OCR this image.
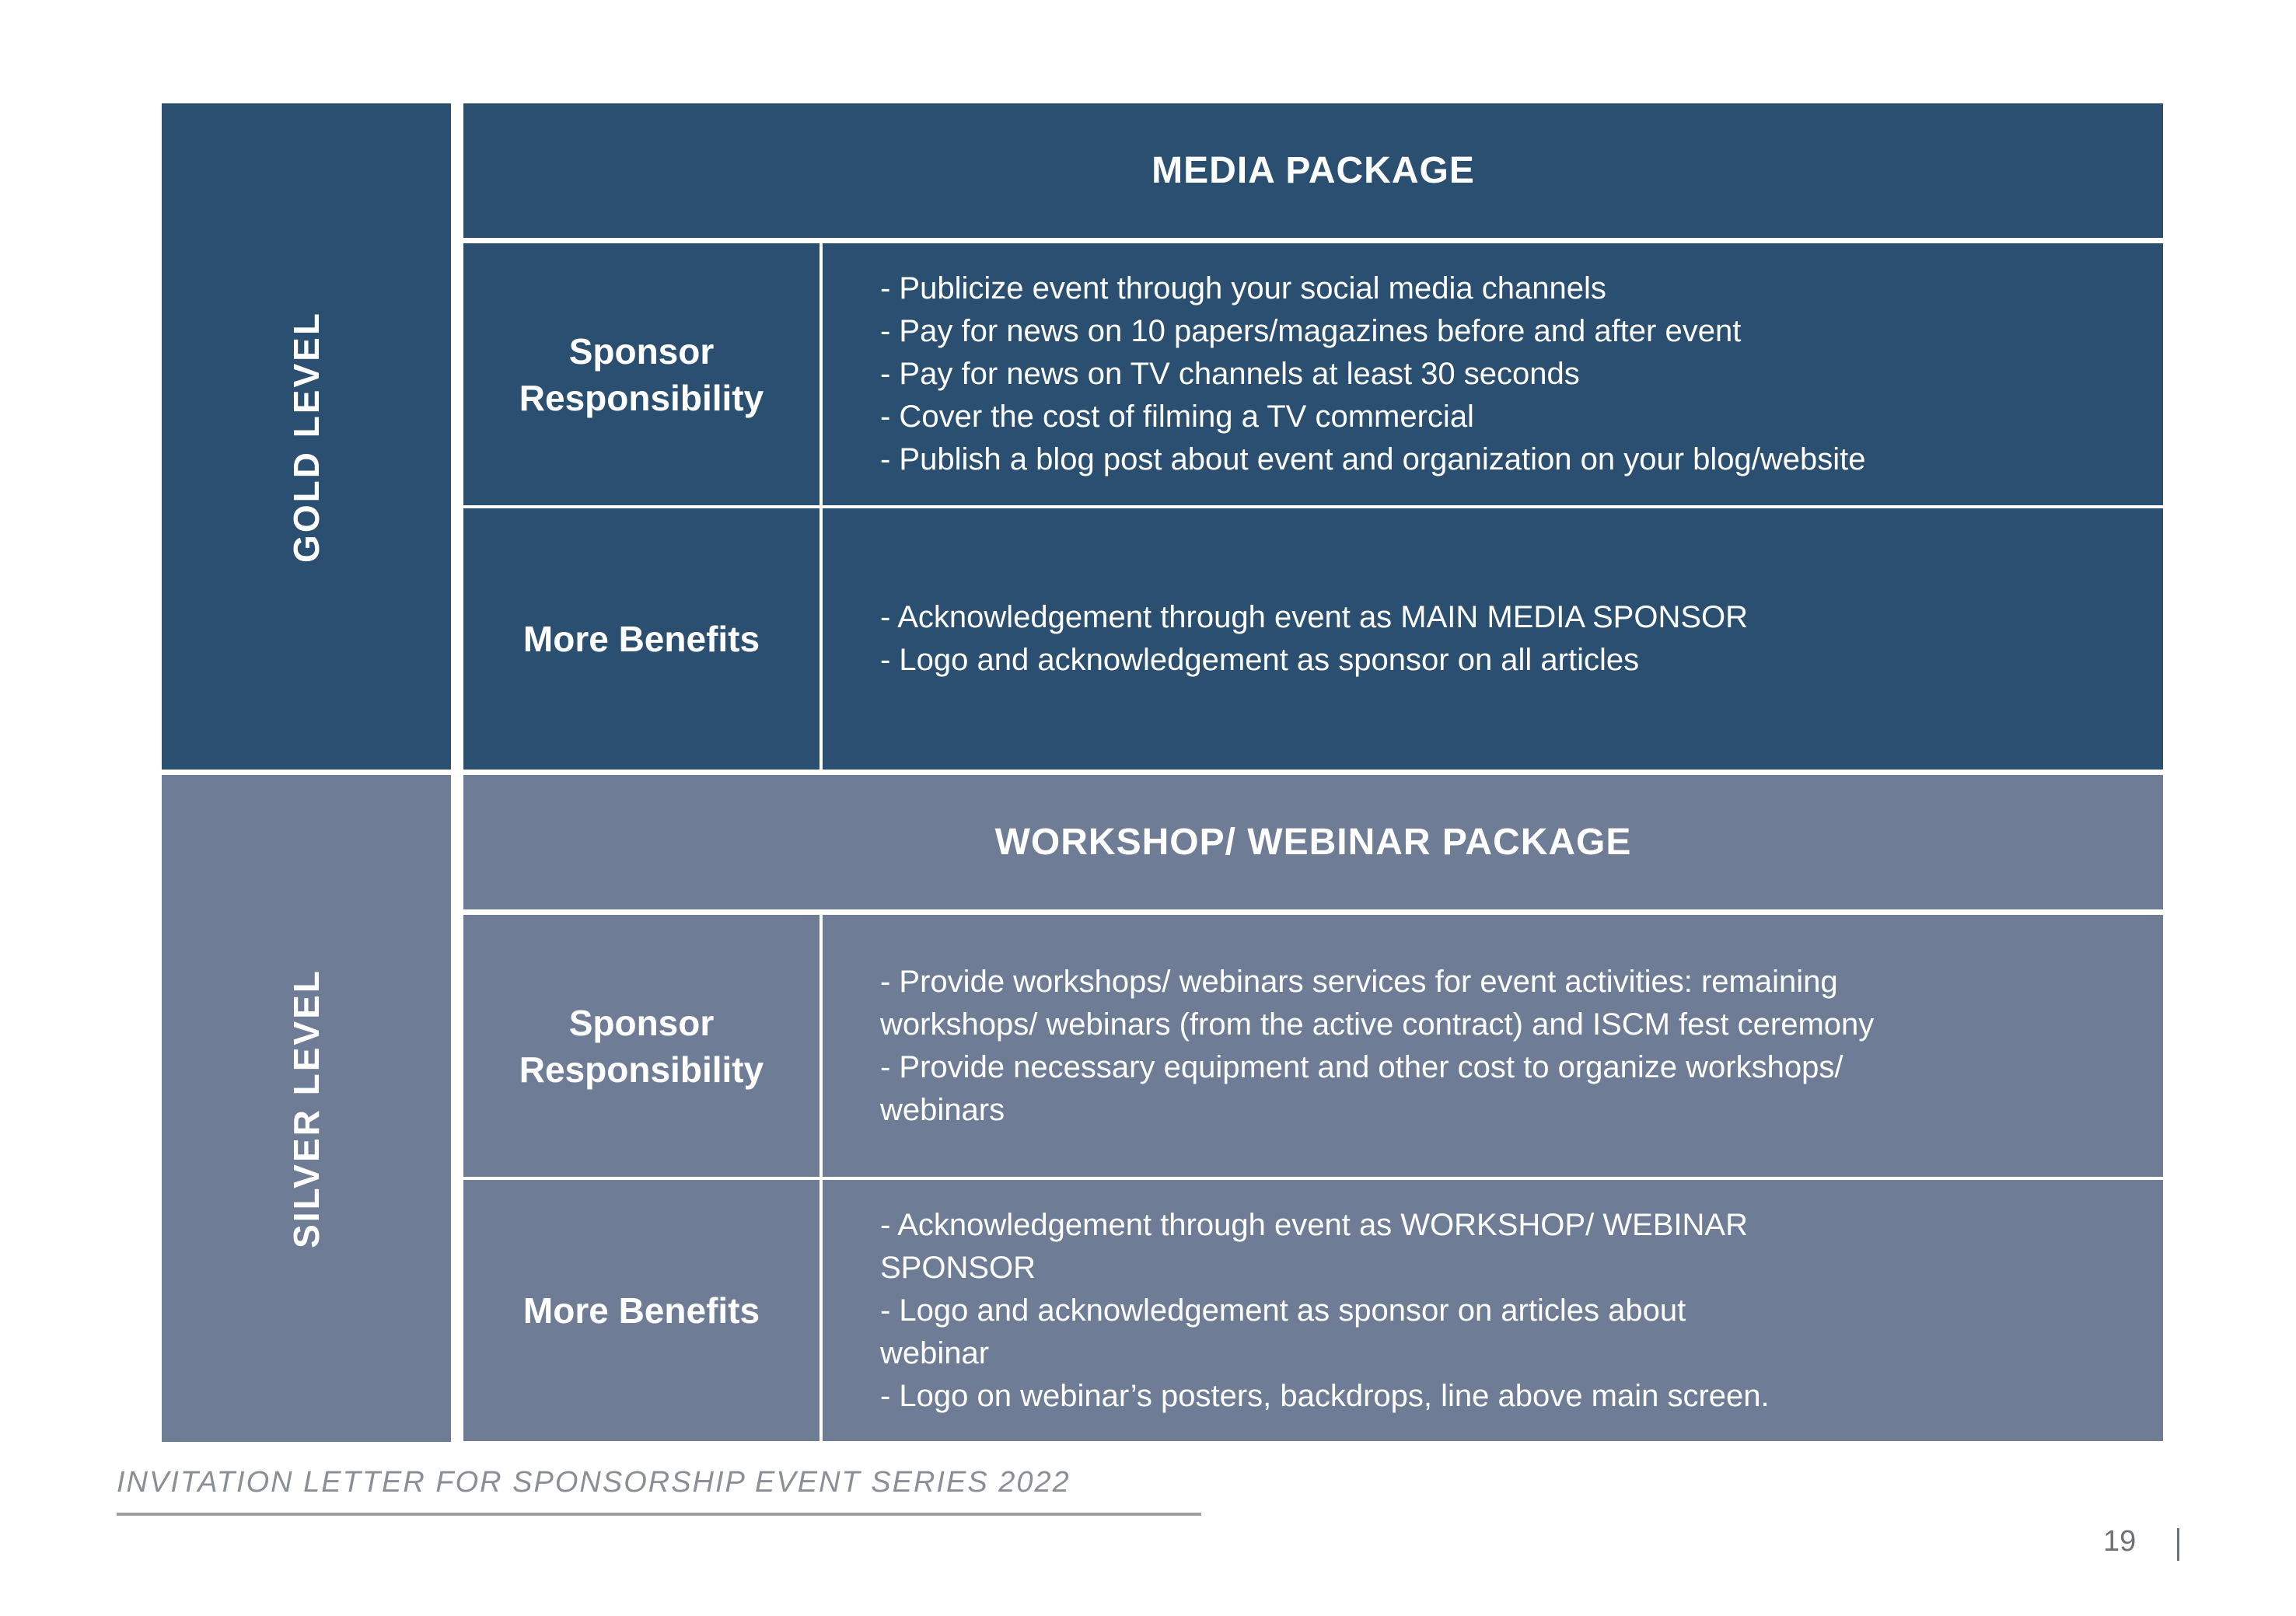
GOLD LEVEL
MEDIA PACKAGE
Sponsor
Responsibility
- Publicize event through your social media channels
- Pay for news on 10 papers/magazines before and after event
- Pay for news on TV channels at least 30 seconds
- Cover the cost of filming a TV commercial
- Publish a blog post about event and organization on your blog/website
More Benefits
- Acknowledgement through event as MAIN MEDIA SPONSOR
- Logo and acknowledgement as sponsor on all articles
SILVER LEVEL
WORKSHOP/ WEBINAR PACKAGE
Sponsor
Responsibility
- Provide workshops/ webinars services for event activities: remaining
workshops/ webinars (from the active contract) and ISCM fest ceremony
- Provide necessary equipment and other cost to organize workshops/
webinars
More Benefits
- Acknowledgement through event as WORKSHOP/ WEBINAR
SPONSOR
- Logo and acknowledgement as sponsor on articles about
webinar
- Logo on webinar’s posters, backdrops, line above main screen.
INVITATION LETTER FOR SPONSORSHIP EVENT SERIES 2022
19
